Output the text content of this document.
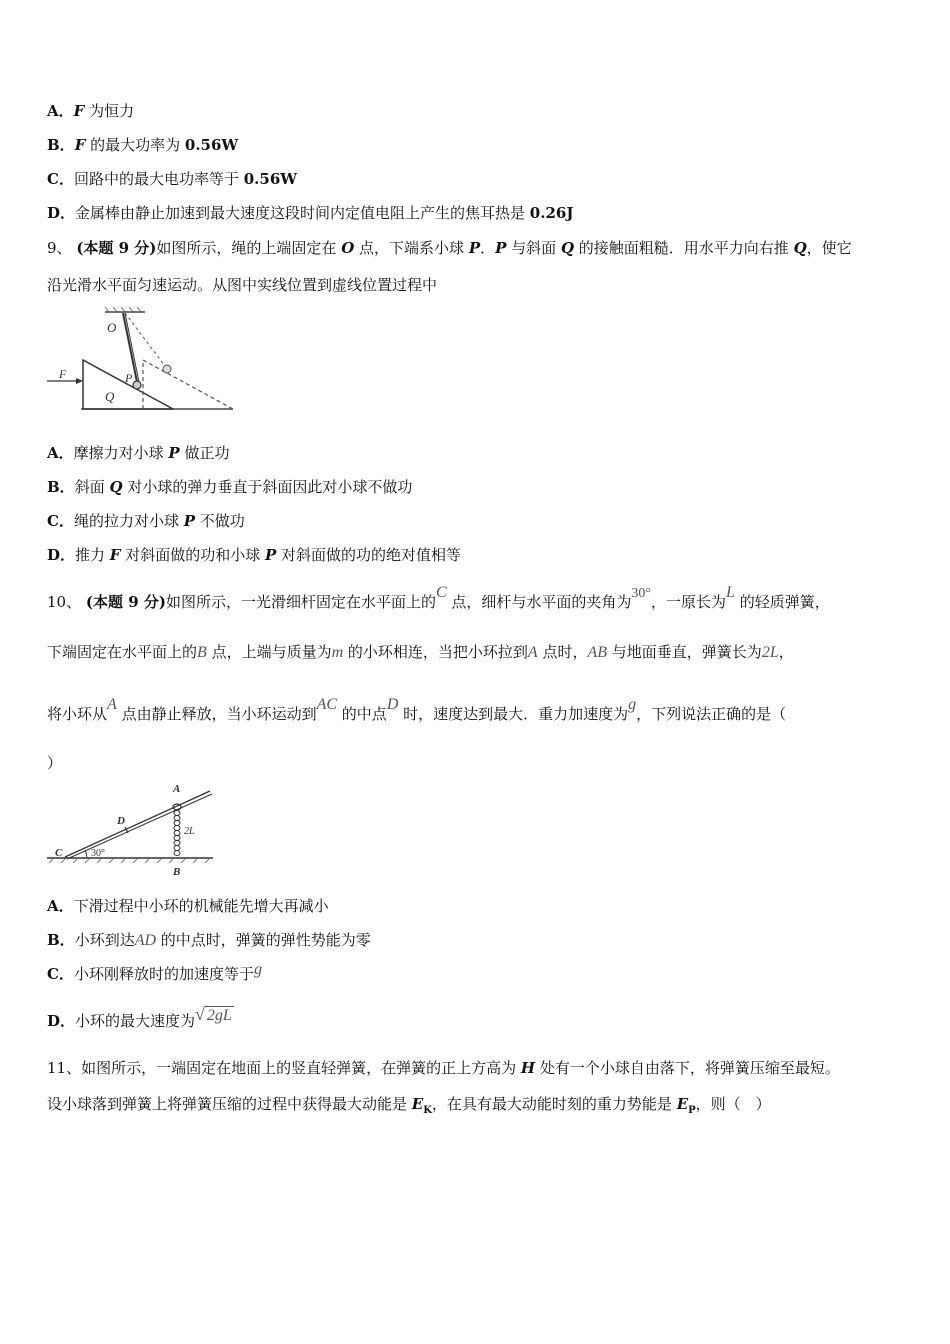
A．F 为恒力
B．F 的最大功率为 0.56W
C．回路中的最大电功率等于 0.56W
D．金属棒由静止加速到最大速度这段时间内定值电阻上产生的焦耳热是 0.26J
9、 (本题 9 分)如图所示，绳的上端固定在 O 点，下端系小球 P．P 与斜面 Q 的接触面粗糙．用水平力向右推 Q，使它
沿光滑水平面匀速运动。从图中实线位置到虚线位置过程中
O
P
Q
F
A．摩擦力对小球 P 做正功
B．斜面 Q 对小球的弹力垂直于斜面因此对小球不做功
C．绳的拉力对小球 P 不做功
D．推力 F 对斜面做的功和小球 P 对斜面做的功的绝对值相等
10、 (本题 9 分)如图所示，一光滑细杆固定在水平面上的C 点，细杆与水平面的夹角为30°，一原长为L 的轻质弹簧，
下端固定在水平面上的B 点，上端与质量为m 的小环相连，当把小环拉到A 点时，AB 与地面垂直，弹簧长为2L，
将小环从A 点由静止释放，当小环运动到AC 的中点D 时，速度达到最大．重力加速度为g，下列说法正确的是（
）
30°
A
B
C
D
2L
A．下滑过程中小环的机械能先增大再减小
B．小环到达AD 的中点时，弹簧的弹性势能为零
C．小环刚释放时的加速度等于g
D．小环的最大速度为√ 2gL
11、如图所示，一端固定在地面上的竖直轻弹簧，在弹簧的正上方高为 H 处有一个小球自由落下，将弹簧压缩至最短。
设小球落到弹簧上将弹簧压缩的过程中获得最大动能是 $E_K$，在具有最大动能时刻的重力势能是 $E_P$，则（　）
